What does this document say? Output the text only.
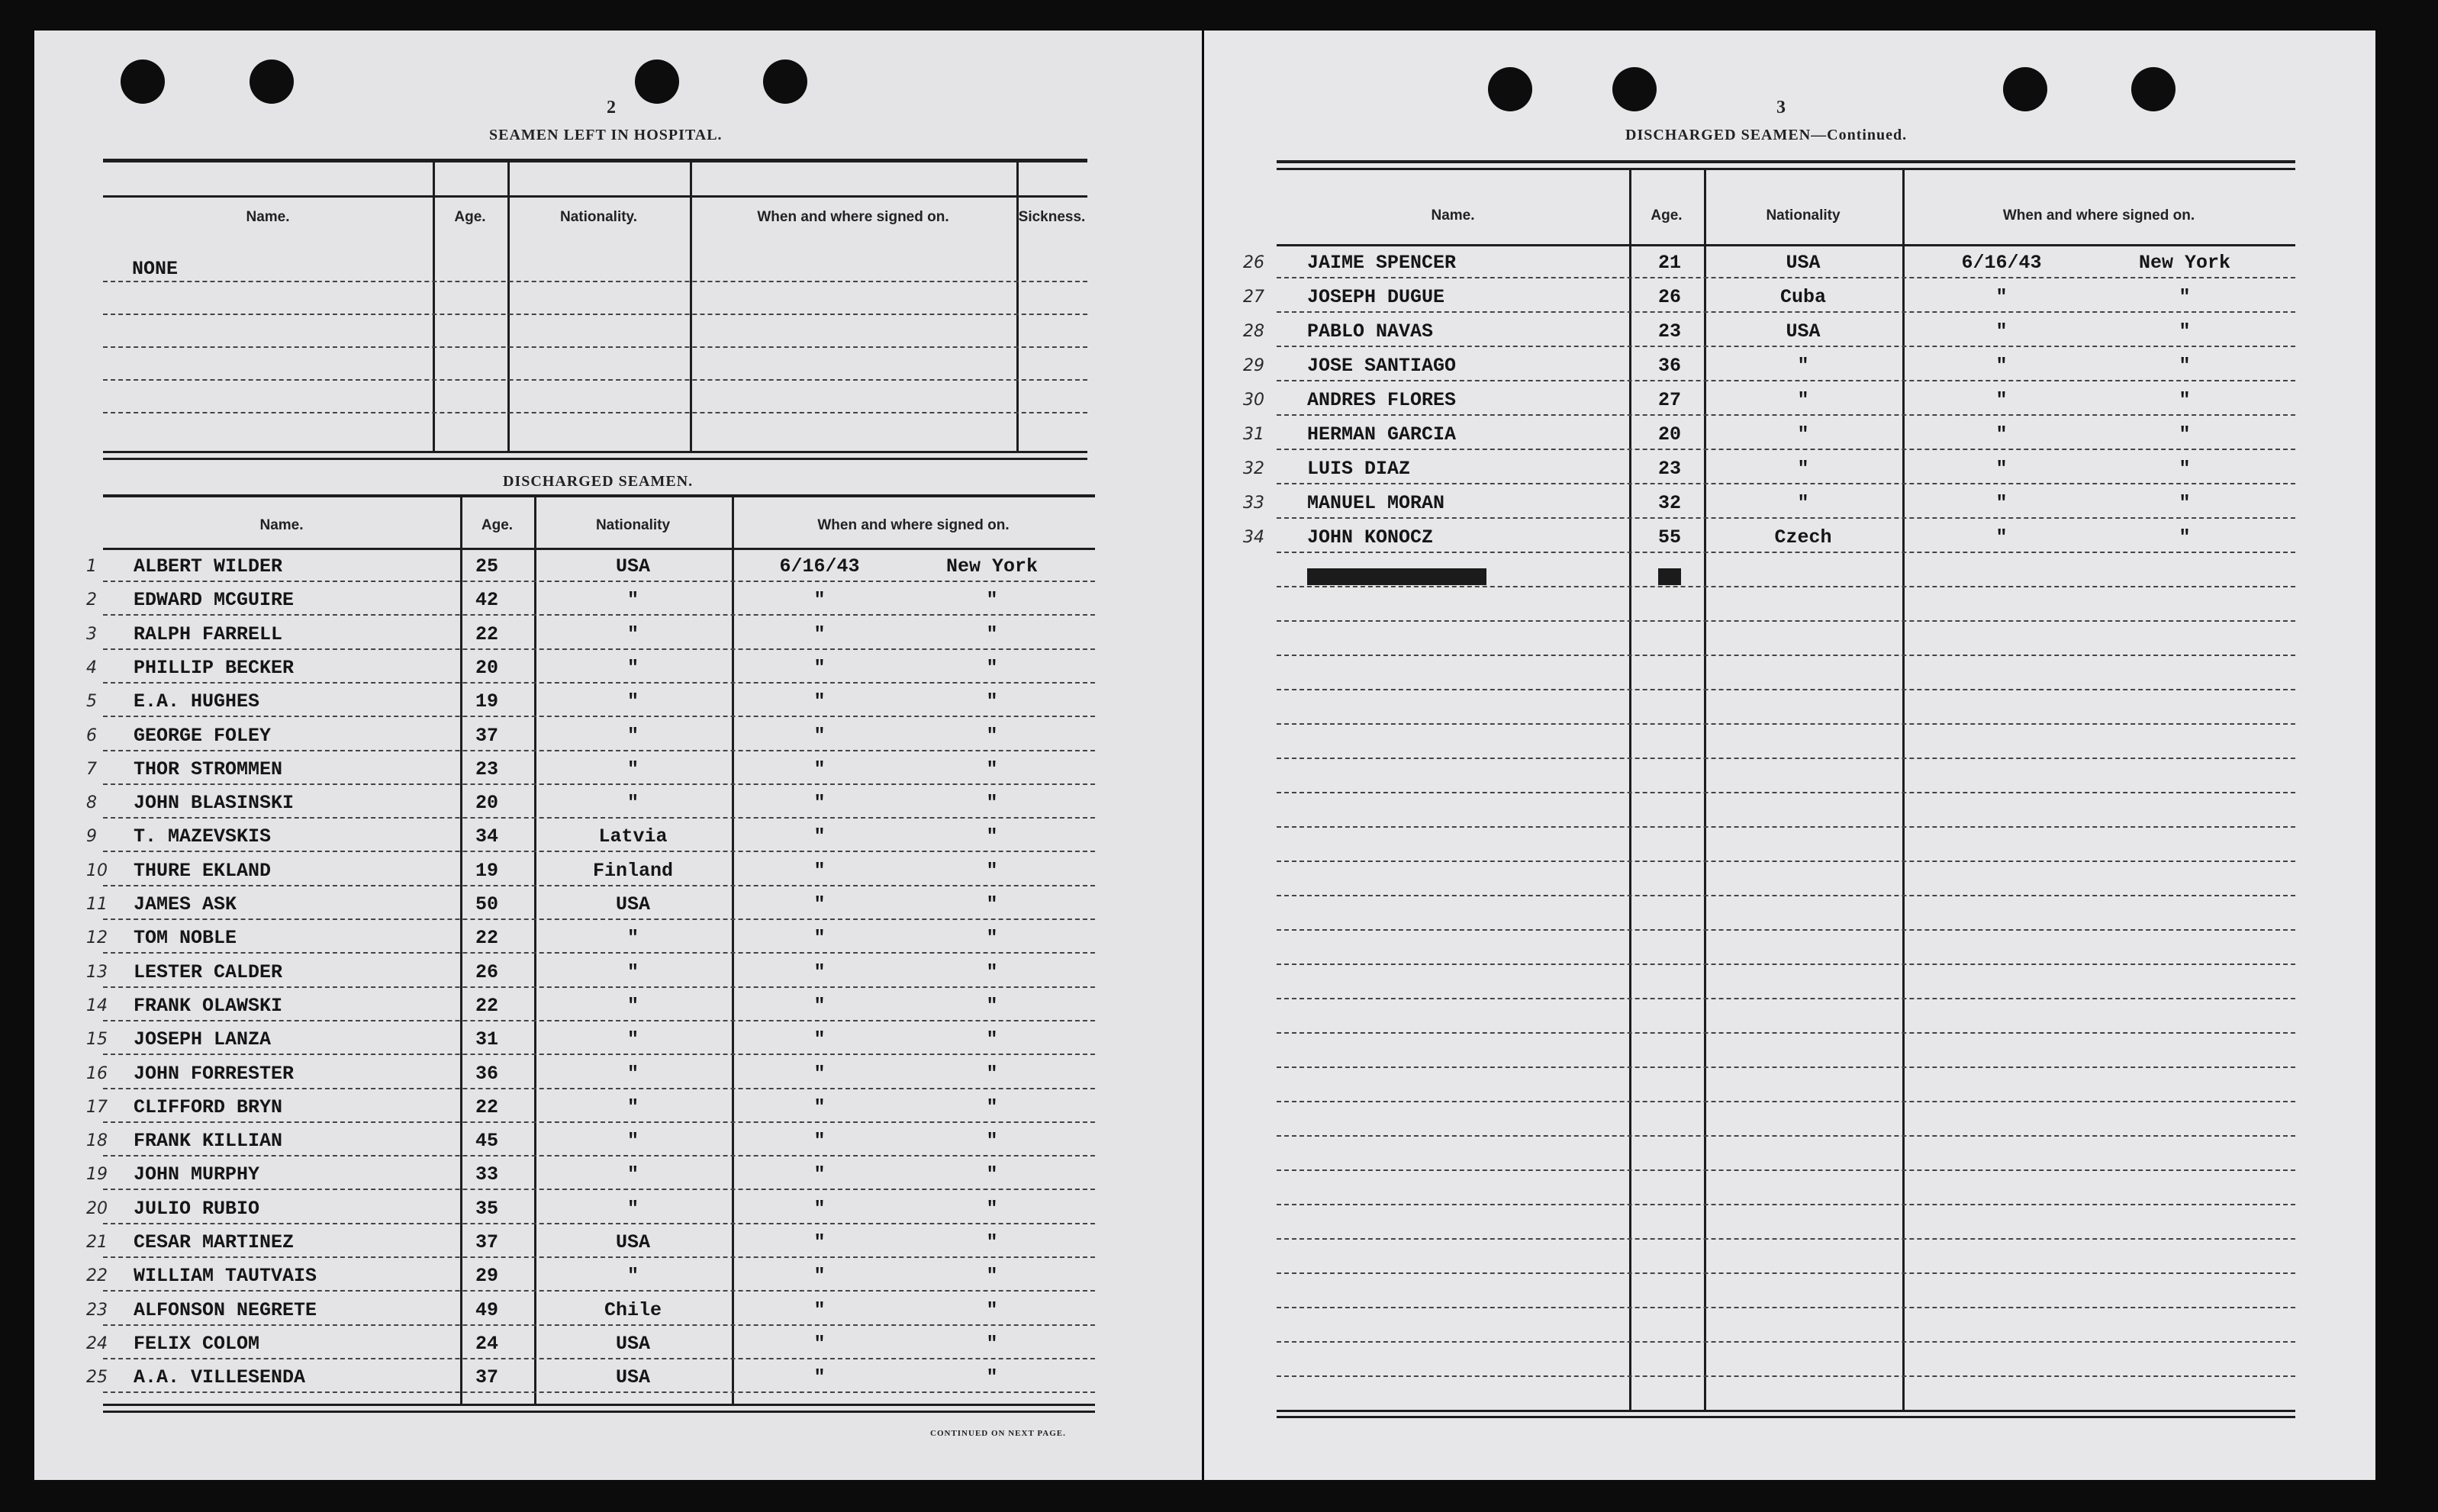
2
SEAMEN LEFT IN HOSPITAL.
Name.	Age.	Nationality.	When and where signed on.	Sickness.
NONE
DISCHARGED SEAMEN.
Name.	Age.	Nationality	When and where signed on.
1 ALBERT WILDER	25	USA	6/16/43	New York
2 EDWARD MCGUIRE	42	"	"	"
3 RALPH FARRELL	22	"	"	"
4 PHILLIP BECKER	20	"	"	"
5 E.A. HUGHES	19	"	"	"
6 GEORGE FOLEY	37	"	"	"
7 THOR STROMMEN	23	"	"	"
8 JOHN BLASINSKI	20	"	"	"
9 T. MAZEVSKIS	34	Latvia	"	"
10 THURE EKLAND	19	Finland	"	"
11 JAMES ASK	50	USA	"	"
12 TOM NOBLE	22	"	"	"
13 LESTER CALDER	26	"	"	"
14 FRANK OLAWSKI	22	"	"	"
15 JOSEPH LANZA	31	"	"	"
16 JOHN FORRESTER	36	"	"	"
17 CLIFFORD BRYN	22	"	"	"
18 FRANK KILLIAN	45	"	"	"
19 JOHN MURPHY	33	"	"	"
20 JULIO RUBIO	35	"	"	"
21 CESAR MARTINEZ	37	USA	"	"
22 WILLIAM TAUTVAIS	29	"	"	"
23 ALFONSON NEGRETE	49	Chile	"	"
24 FELIX COLOM	24	USA	"	"
25 A.A. VILLESENDA	37	USA	"	"
CONTINUED ON NEXT PAGE.
3
DISCHARGED SEAMEN—Continued.
Name.	Age.	Nationality	When and where signed on.
26 JAIME SPENCER	21	USA	6/16/43	New York
27 JOSEPH DUGUE	26	Cuba	"	"
28 PABLO NAVAS	23	USA	"	"
29 JOSE SANTIAGO	36	"	"	"
30 ANDRES FLORES	27	"	"	"
31 HERMAN GARCIA	20	"	"	"
32 LUIS DIAZ	23	"	"	"
33 MANUEL MORAN	32	"	"	"
34 JOHN KONOCZ	55	Czech	"	"
